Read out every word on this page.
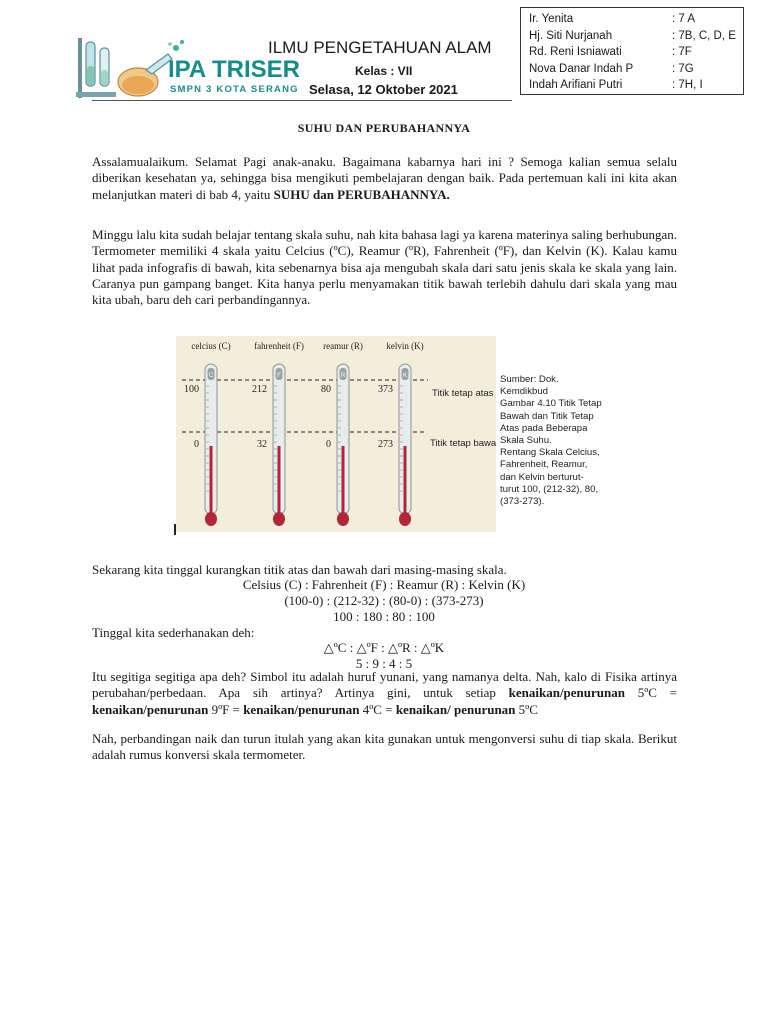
IPA TRISER
SMPN 3 KOTA SERANG
ILMU PENGETAHUAN ALAM
Kelas : VII
Selasa, 12 Oktober 2021
Ir. Yenita	: 7 A
Hj. Siti Nurjanah	: 7B, C, D, E
Rd. Reni Isniawati	: 7F
Nova Danar Indah P	: 7G
Indah Arifiani Putri	: 7H, I
SUHU DAN PERUBAHANNYA
Assalamualaikum. Selamat Pagi anak-anaku. Bagaimana kabarnya hari ini ? Semoga kalian semua selalu diberikan kesehatan ya, sehingga bisa mengikuti pembelajaran dengan baik. Pada pertemuan kali ini kita akan melanjutkan materi di bab 4, yaitu SUHU dan PERUBAHANNYA.
Minggu lalu kita sudah belajar tentang skala suhu, nah kita bahasa lagi ya karena materinya saling berhubungan. Termometer memiliki 4 skala yaitu Celcius (ºC), Reamur (ºR), Fahrenheit (ºF), dan Kelvin (K). Kalau kamu lihat pada infografis di bawah, kita sebenarnya bisa aja mengubah skala dari satu jenis skala ke skala yang lain. Caranya pun gampang banget. Kita hanya perlu menyamakan titik bawah terlebih dahulu dari skala yang mau kita ubah, baru deh cari perbandingannya.
Titik tetap atas
Titik tetap bawah
celcius (C)
C
100
0
fahrenheit (F)
F
212
32
reamur (R)
R
80
0
kelvin (K)
K
373
273
Sumber: Dok.
Kemdikbud
Gambar 4.10 Titik Tetap
Bawah dan Titik Tetap
Atas pada Beberapa
Skala Suhu.
Rentang Skala Celcius,
Fahrenheit, Reamur,
dan Kelvin berturut-
turut 100, (212-32), 80,
(373-273).
Sekarang kita tinggal kurangkan titik atas dan bawah dari masing-masing skala.
Celsius (C) : Fahrenheit (F) : Reamur (R) : Kelvin (K)
(100-0) : (212-32) : (80-0) : (373-273)
100 : 180 : 80 : 100
Tinggal kita sederhanakan deh:
△ºC : △ºF : △ºR : △ºK
5 : 9 : 4 : 5
Itu segitiga segitiga apa deh? Simbol itu adalah huruf yunani, yang namanya delta. Nah, kalo di Fisika artinya perubahan/perbedaan. Apa sih artinya? Artinya gini, untuk setiap kenaikan/penurunan 5ºC = kenaikan/penurunan 9ºF = kenaikan/penurunan 4ºC = kenaikan/ penurunan 5ºC
Nah, perbandingan naik dan turun itulah yang akan kita gunakan untuk mengonversi suhu di tiap skala. Berikut adalah rumus konversi skala termometer.
